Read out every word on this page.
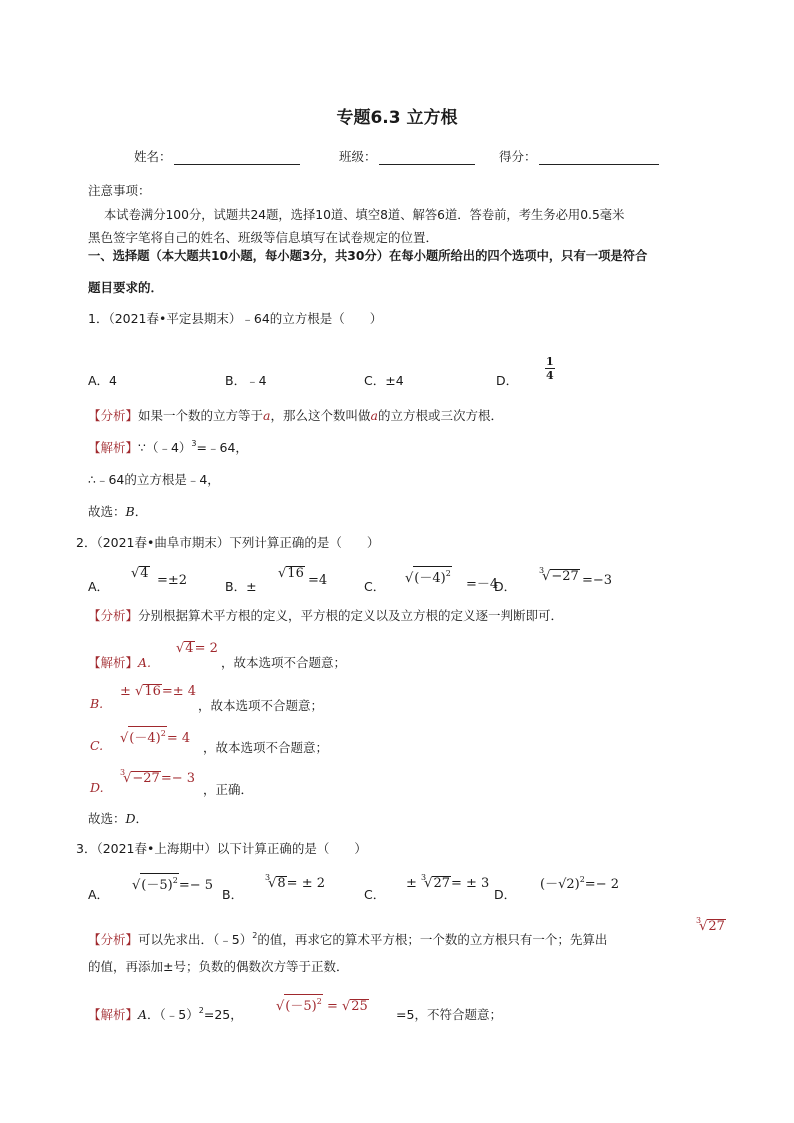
专题6.3 立方根
姓名：	班级：	得分：
注意事项：
本试卷满分100分，试题共24题，选择10道、填空8道、解答6道．答卷前，考生务必用0.5毫米
黑色签字笔将自己的姓名、班级等信息填写在试卷规定的位置．
一、选择题（本大题共10小题，每小题3分，共30分）在每小题所给出的四个选项中，只有一项是符合
题目要求的．
1．（2021春•平定县期末）﹣64的立方根是（　　）
A．4	B．﹣4	C．±4	D． $\frac{1}{4}$
【分析】如果一个数的立方等于a，那么这个数叫做a的立方根或三次方根．
【解析】∵（﹣4）$^3$=﹣64，
∴﹣64的立方根是﹣4，
故选：B．
2．（2021春•曲阜市期末）下列计算正确的是（　　）
A．
√4 =±2	B．±
√16 =4	C．
$√(-4)^2$
=－4
D．
$^3$√−27 =−3
【分析】分别根据算术平方根的定义，平方根的定义以及立方根的定义逐一判断即可．
【解析】A.
√4= 2
，故本选项不合题意；
B.
± √16=± 4
，故本选项不合题意；
C. $√(-4)^2= 4$
，故本选项不合题意；
D.
$^3$√−27=− 3
，正确．
故选：D．
3．（2021春•上海期中）以下计算正确的是（　　）
A．
$√(-5)^2=- 5$
B．
$^3$√8= ± 2
C．
± $^3$√27= ± 3
D．
$(-√2)^2=- 2$
【分析】可以先求出．（﹣5）$^2$的值，再求它的算术平方根；一个数的立方根只有一个；先算出
$^3$√27
的值，再添加±号；负数的偶数次方等于正数．
【解析】A．（﹣5）$^2$=25，
$√(-5)^2 = √25$
=5，不符合题意；
